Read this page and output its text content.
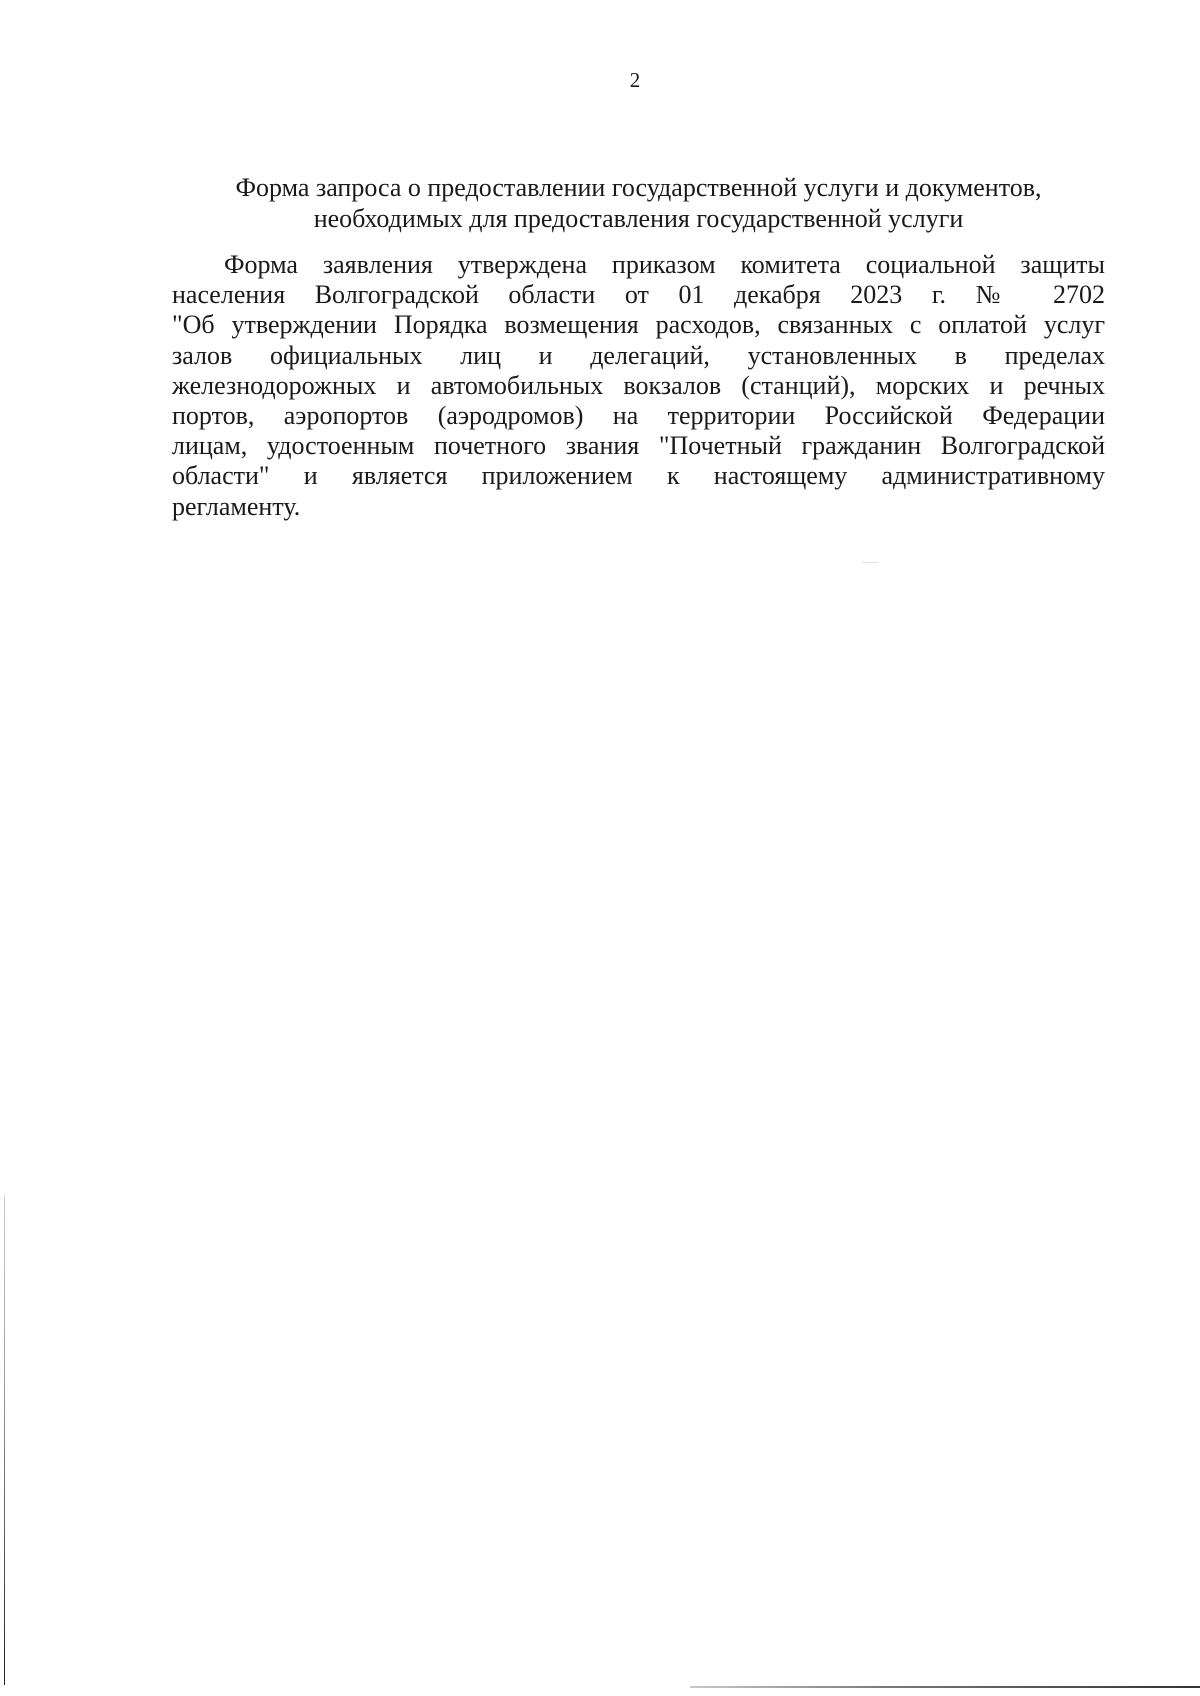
2
Форма запроса о предоставлении государственной услуги и документов,
необходимых для предоставления государственной услуги
Форма заявления утверждена приказом комитета социальной защиты
населения Волгоградской области от 01 декабря 2023 г. № 2702
"Об утверждении Порядка возмещения расходов, связанных с оплатой услуг
залов официальных лиц и делегаций, установленных в пределах
железнодорожных и автомобильных вокзалов (станций), морских и речных
портов, аэропортов (аэродромов) на территории Российской Федерации
лицам, удостоенным почетного звания "Почетный гражданин Волгоградской
области" и является приложением к настоящему административному
регламенту.
